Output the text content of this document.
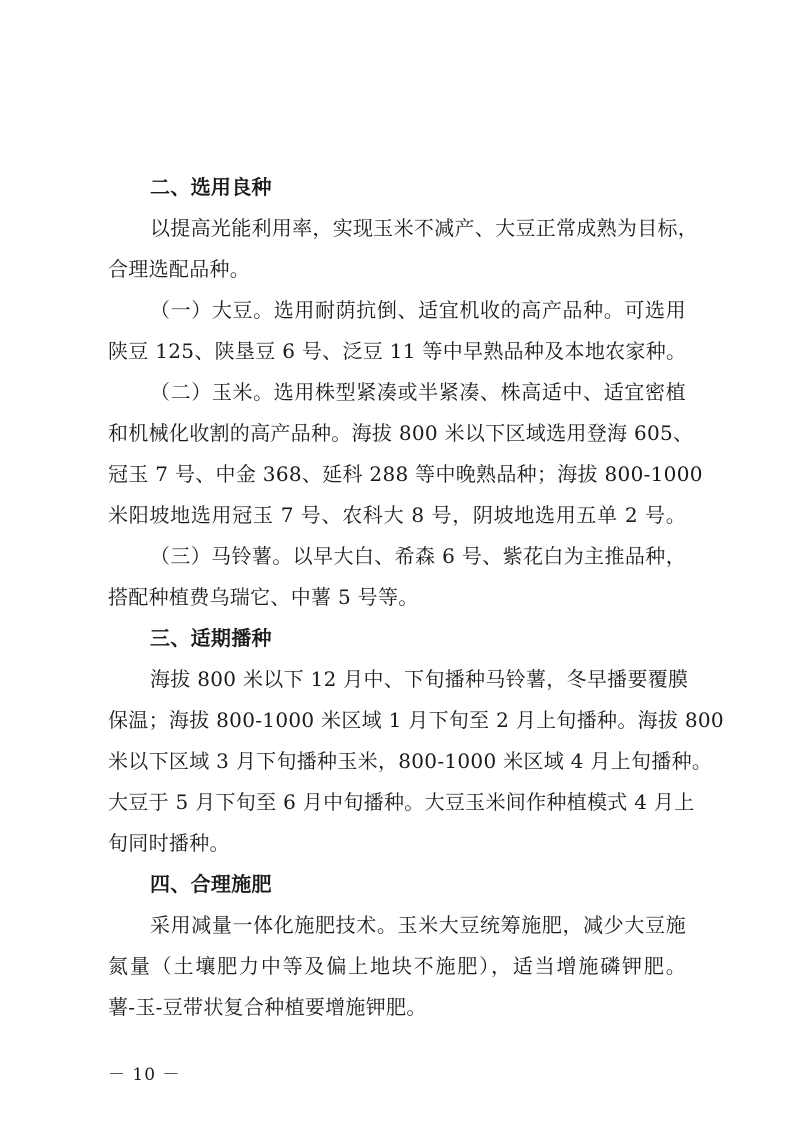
二、选用良种
以提高光能利用率，实现玉米不减产、大豆正常成熟为目标，
合理选配品种。
（一）大豆。选用耐荫抗倒、适宜机收的高产品种。可选用
陕豆 125、陕垦豆 6 号、泛豆 11 等中早熟品种及本地农家种。
（二）玉米。选用株型紧凑或半紧凑、株高适中、适宜密植
和机械化收割的高产品种。海拔 800 米以下区域选用登海 605、
冠玉 7 号、中金 368、延科 288 等中晚熟品种；海拔 800-1000
米阳坡地选用冠玉 7 号、农科大 8 号，阴坡地选用五单 2 号。
（三）马铃薯。以早大白、希森 6 号、紫花白为主推品种，
搭配种植费乌瑞它、中薯 5 号等。
三、适期播种
海拔 800 米以下 12 月中、下旬播种马铃薯，冬早播要覆膜
保温；海拔 800-1000 米区域 1 月下旬至 2 月上旬播种。海拔 800
米以下区域 3 月下旬播种玉米，800-1000 米区域 4 月上旬播种。
大豆于 5 月下旬至 6 月中旬播种。大豆玉米间作种植模式 4 月上
旬同时播种。
四、合理施肥
采用减量一体化施肥技术。玉米大豆统筹施肥，减少大豆施
氮量（土壤肥力中等及偏上地块不施肥），适当增施磷钾肥。
薯-玉-豆带状复合种植要增施钾肥。
－ 10 －
